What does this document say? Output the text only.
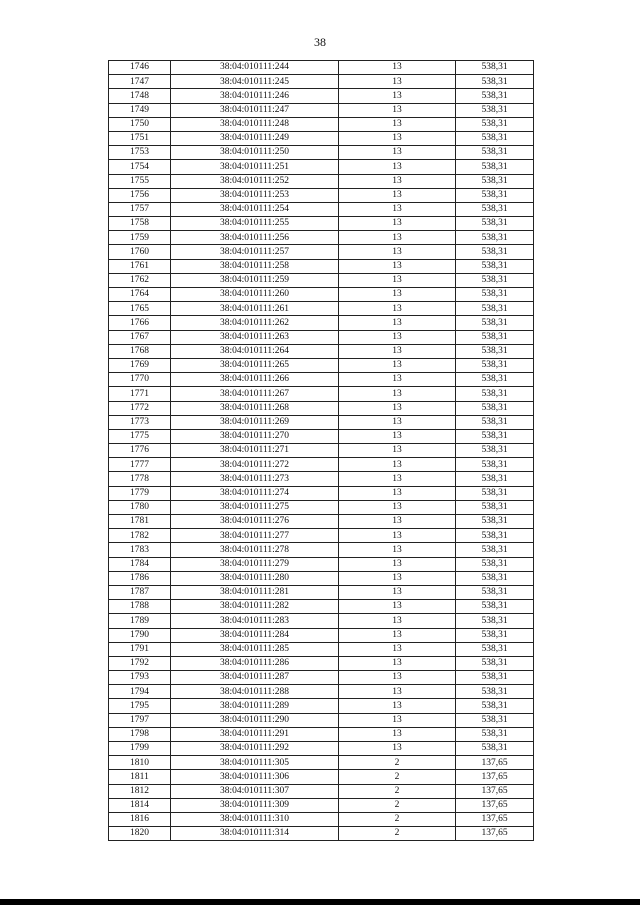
38
1746	38:04:010111:244	13	538,31
1747	38:04:010111:245	13	538,31
1748	38:04:010111:246	13	538,31
1749	38:04:010111:247	13	538,31
1750	38:04:010111:248	13	538,31
1751	38:04:010111:249	13	538,31
1753	38:04:010111:250	13	538,31
1754	38:04:010111:251	13	538,31
1755	38:04:010111:252	13	538,31
1756	38:04:010111:253	13	538,31
1757	38:04:010111:254	13	538,31
1758	38:04:010111:255	13	538,31
1759	38:04:010111:256	13	538,31
1760	38:04:010111:257	13	538,31
1761	38:04:010111:258	13	538,31
1762	38:04:010111:259	13	538,31
1764	38:04:010111:260	13	538,31
1765	38:04:010111:261	13	538,31
1766	38:04:010111:262	13	538,31
1767	38:04:010111:263	13	538,31
1768	38:04:010111:264	13	538,31
1769	38:04:010111:265	13	538,31
1770	38:04:010111:266	13	538,31
1771	38:04:010111:267	13	538,31
1772	38:04:010111:268	13	538,31
1773	38:04:010111:269	13	538,31
1775	38:04:010111:270	13	538,31
1776	38:04:010111:271	13	538,31
1777	38:04:010111:272	13	538,31
1778	38:04:010111:273	13	538,31
1779	38:04:010111:274	13	538,31
1780	38:04:010111:275	13	538,31
1781	38:04:010111:276	13	538,31
1782	38:04:010111:277	13	538,31
1783	38:04:010111:278	13	538,31
1784	38:04:010111:279	13	538,31
1786	38:04:010111:280	13	538,31
1787	38:04:010111:281	13	538,31
1788	38:04:010111:282	13	538,31
1789	38:04:010111:283	13	538,31
1790	38:04:010111:284	13	538,31
1791	38:04:010111:285	13	538,31
1792	38:04:010111:286	13	538,31
1793	38:04:010111:287	13	538,31
1794	38:04:010111:288	13	538,31
1795	38:04:010111:289	13	538,31
1797	38:04:010111:290	13	538,31
1798	38:04:010111:291	13	538,31
1799	38:04:010111:292	13	538,31
1810	38:04:010111:305	2	137,65
1811	38:04:010111:306	2	137,65
1812	38:04:010111:307	2	137,65
1814	38:04:010111:309	2	137,65
1816	38:04:010111:310	2	137,65
1820	38:04:010111:314	2	137,65
